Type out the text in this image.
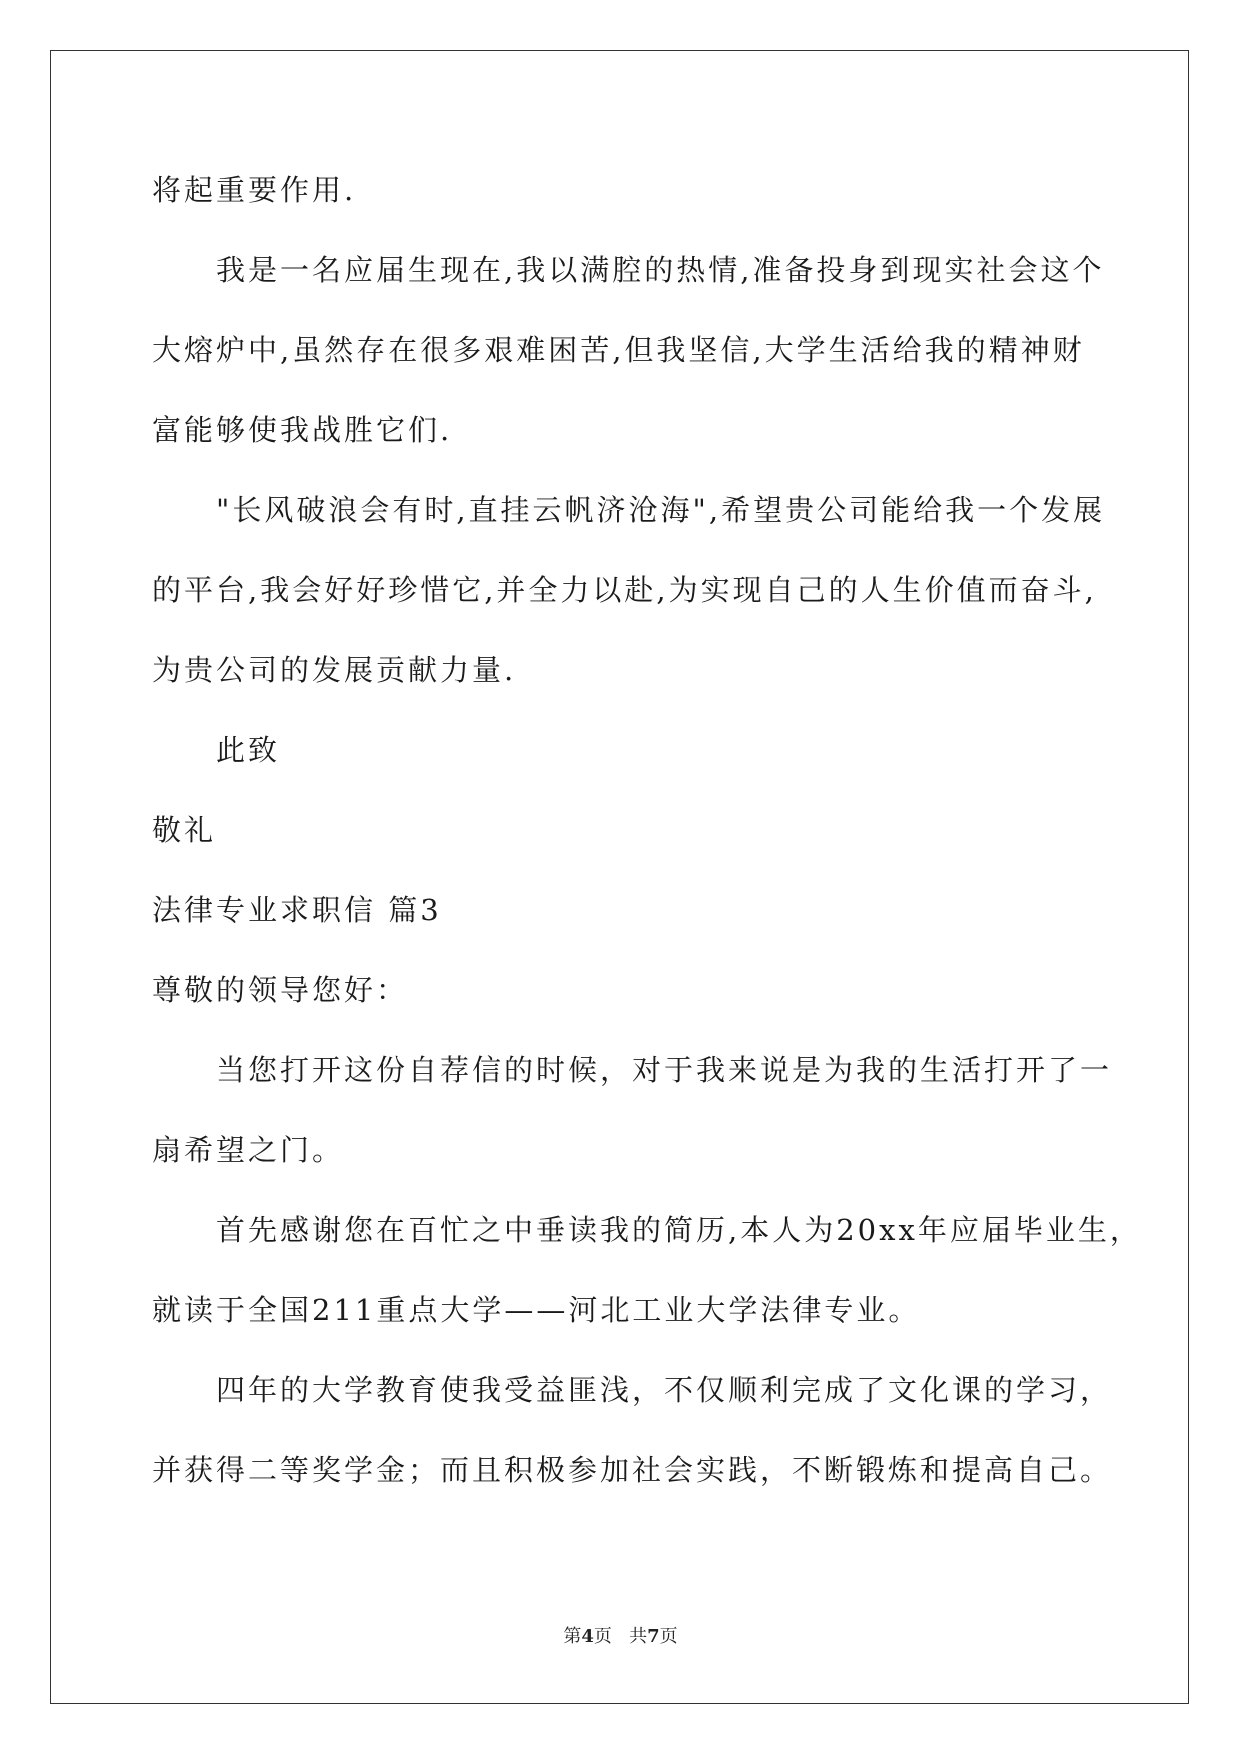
将起重要作用.
我是一名应届生现在,我以满腔的热情,准备投身到现实社会这个
大熔炉中,虽然存在很多艰难困苦,但我坚信,大学生活给我的精神财
富能够使我战胜它们.
"长风破浪会有时,直挂云帆济沧海",希望贵公司能给我一个发展
的平台,我会好好珍惜它,并全力以赴,为实现自己的人生价值而奋斗,
为贵公司的发展贡献力量.
此致
敬礼
法律专业求职信 篇3
尊敬的领导您好：
当您打开这份自荐信的时候，对于我来说是为我的生活打开了一
扇希望之门。
首先感谢您在百忙之中垂读我的简历,本人为20xx年应届毕业生，
就读于全国211重点大学——河北工业大学法律专业。
四年的大学教育使我受益匪浅，不仅顺利完成了文化课的学习，
并获得二等奖学金；而且积极参加社会实践，不断锻炼和提高自己。
第4页   共7页
